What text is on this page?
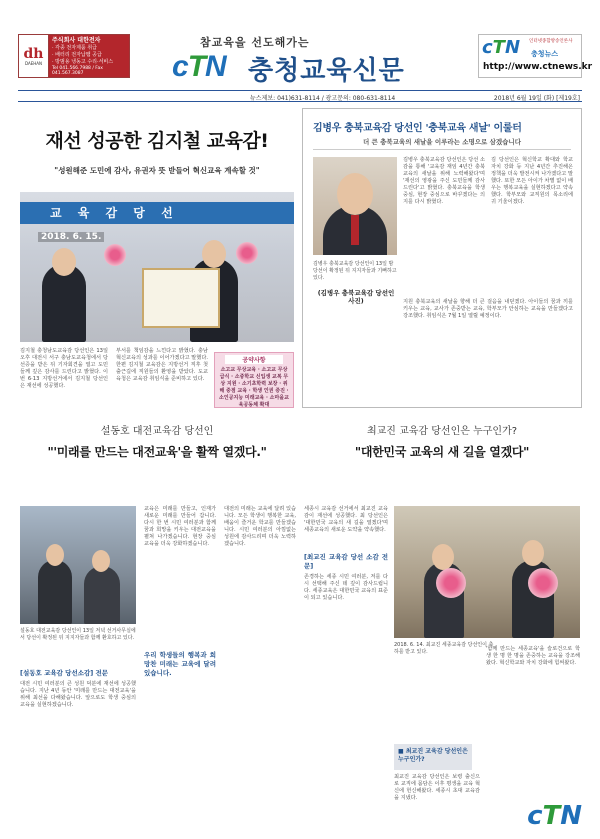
dh
DAEHAN
주식회사 대한전자
· 각종 전자제품 취급
· 배터리 전자납땜 공급
· 방범용 냉동고 수리·서비스
Tel 041.566.7988 / Fax 041.567.3087
참교육을 선도해가는
cTN 충청교육신문
cTN 인터넷종합방송언론사
충청뉴스
http://www.ctnews.kr
뉴스제보: 041)631-8114 / 광고문의: 080-631-8114	2018년 6월 19일 (화) [제19호]
재선 성공한 김지철 교육감!
"성원해준 도민에 감사, 유권자 뜻 받들어 혁신교육 계속할 것"
교 육 감 당 선
2018. 6. 15.
김지철 충청남도교육감 당선인은 13일 오후 대전시 서구 충남도교육청에서 당선증을 받은 뒤 기자회견을 열고 도민들께 깊은 감사를 드린다고 밝혔다. 이번 6·13 지방선거에서 김지철 당선인은 재선에 성공했다.
부서를 책임감을 느낀다고 밝혔다. 충남 혁신교육의 성과를 이어가겠다고 말했다. 한편 김지철 교육감은 지방선거 직후 첫 출근길에 직원들의 환영을 받았다. 도교육청은 교육감 취임식을 준비하고 있다.
공약사항
소고교 무상교육 · 소고교 무상급식 · 소중학교 신입생 교복 무상 지원 · 소기초학력 보장 · 위해 중점 교육 · 학생 인권 증진 · 소인공지능 미래교육 · 소마을교육공동체 확대
김병우 충북교육감 당선인 '충북교육 새날' 이룰터
더 큰 충북교육의 새날을 이루라는 소명으로 삼겠습니다
김병우 충북교육감 당선인이 13일 밤 당선이 확정된 뒤 지지자들과 기뻐하고 있다.
(김병우 충북교육감 당선인 사진)
김병우 충북교육감 당선인은 당선 소감을 통해 '교육감 재임 4년간 충북교육의 새날을 위해 노력해왔다'며 '재선의 영광을 주신 도민들께 감사드린다'고 밝혔다. 충북교육을 학생 중심, 현장 중심으로 바꾸겠다는 의지를 다시 밝혔다.
김 당선인은 혁신학교 확대와 학교 자치 강화 등 지난 4년간 추진해온 정책을 더욱 발전시켜 나가겠다고 말했다. 또한 모든 아이가 차별 없이 배우는 행복교육을 실현하겠다고 약속했다. 학부모와 교직원의 목소리에 귀 기울이겠다.
지원 충북교육의 새날을 향해 더 큰 걸음을 내딛겠다. 아이들의 꿈과 끼를 키우는 교육, 교사가 존중받는 교육, 학부모가 안심하는 교육을 만들겠다고 강조했다. 취임식은 7월 1일 열릴 예정이다.
설동호 대전교육감 당선인
"'미래를 만드는 대전교육'을 활짝 열겠다."
설동호 대전교육감 당선인이 13일 저녁 선거사무실에서 당선이 확정된 뒤 지지자들과 함께 환호하고 있다.
[설동호 교육감 당선소감] 전문
대전 시민 여러분의 큰 성원 덕분에 재선에 성공했습니다. 지난 4년 동안 '미래를 만드는 대전교육'을 위해 최선을 다해왔습니다. 앞으로도 학생 중심의 교육을 실현하겠습니다.
교육은 미래를 만들고, 인재가 새로운 미래를 만들어 갑니다. 다시 한 번 시민 여러분과 함께 꿈과 희망을 키우는 대전교육을 펼쳐 나가겠습니다. 현장 중심 교육을 더욱 강화하겠습니다.
우리 학생들의 행복과 희망찬 미래는 교육에 달려 있습니다.
대전의 미래는 교육에 달려 있습니다. 모든 학생이 행복한 교육, 배움이 즐거운 학교를 만들겠습니다. 시민 여러분의 아낌없는 성원에 감사드리며 더욱 노력하겠습니다.
최교진 교육감 당선인은 누구인가?
"대한민국 교육의 새 길을 열겠다"
세종시 교육감 선거에서 최교진 교육감이 재선에 성공했다. 최 당선인은 '대한민국 교육의 새 길을 열겠다'며 세종교육의 새로운 도약을 약속했다.
[최교진 교육감 당선 소감 전문]
존경하는 세종 시민 여러분, 저를 다시 선택해 주신 데 깊이 감사드립니다. 세종교육은 대한민국 교육의 표준이 되고 있습니다.
2018. 6. 14. 최교진 세종교육감 당선인이 축하를 받고 있다.
■ 최교진 교육감 당선인은 누구인가?
최교진 교육감 당선인은 보령 출신으로 교직에 몸담은 이후 평생을 교육 혁신에 헌신해왔다. 세종시 초대 교육감을 지냈다.
'함께 만드는 세종교육'을 슬로건으로 학생 한 명 한 명을 존중하는 교육을 강조해왔다. 혁신학교와 자치 강화에 힘써왔다.
cTN
